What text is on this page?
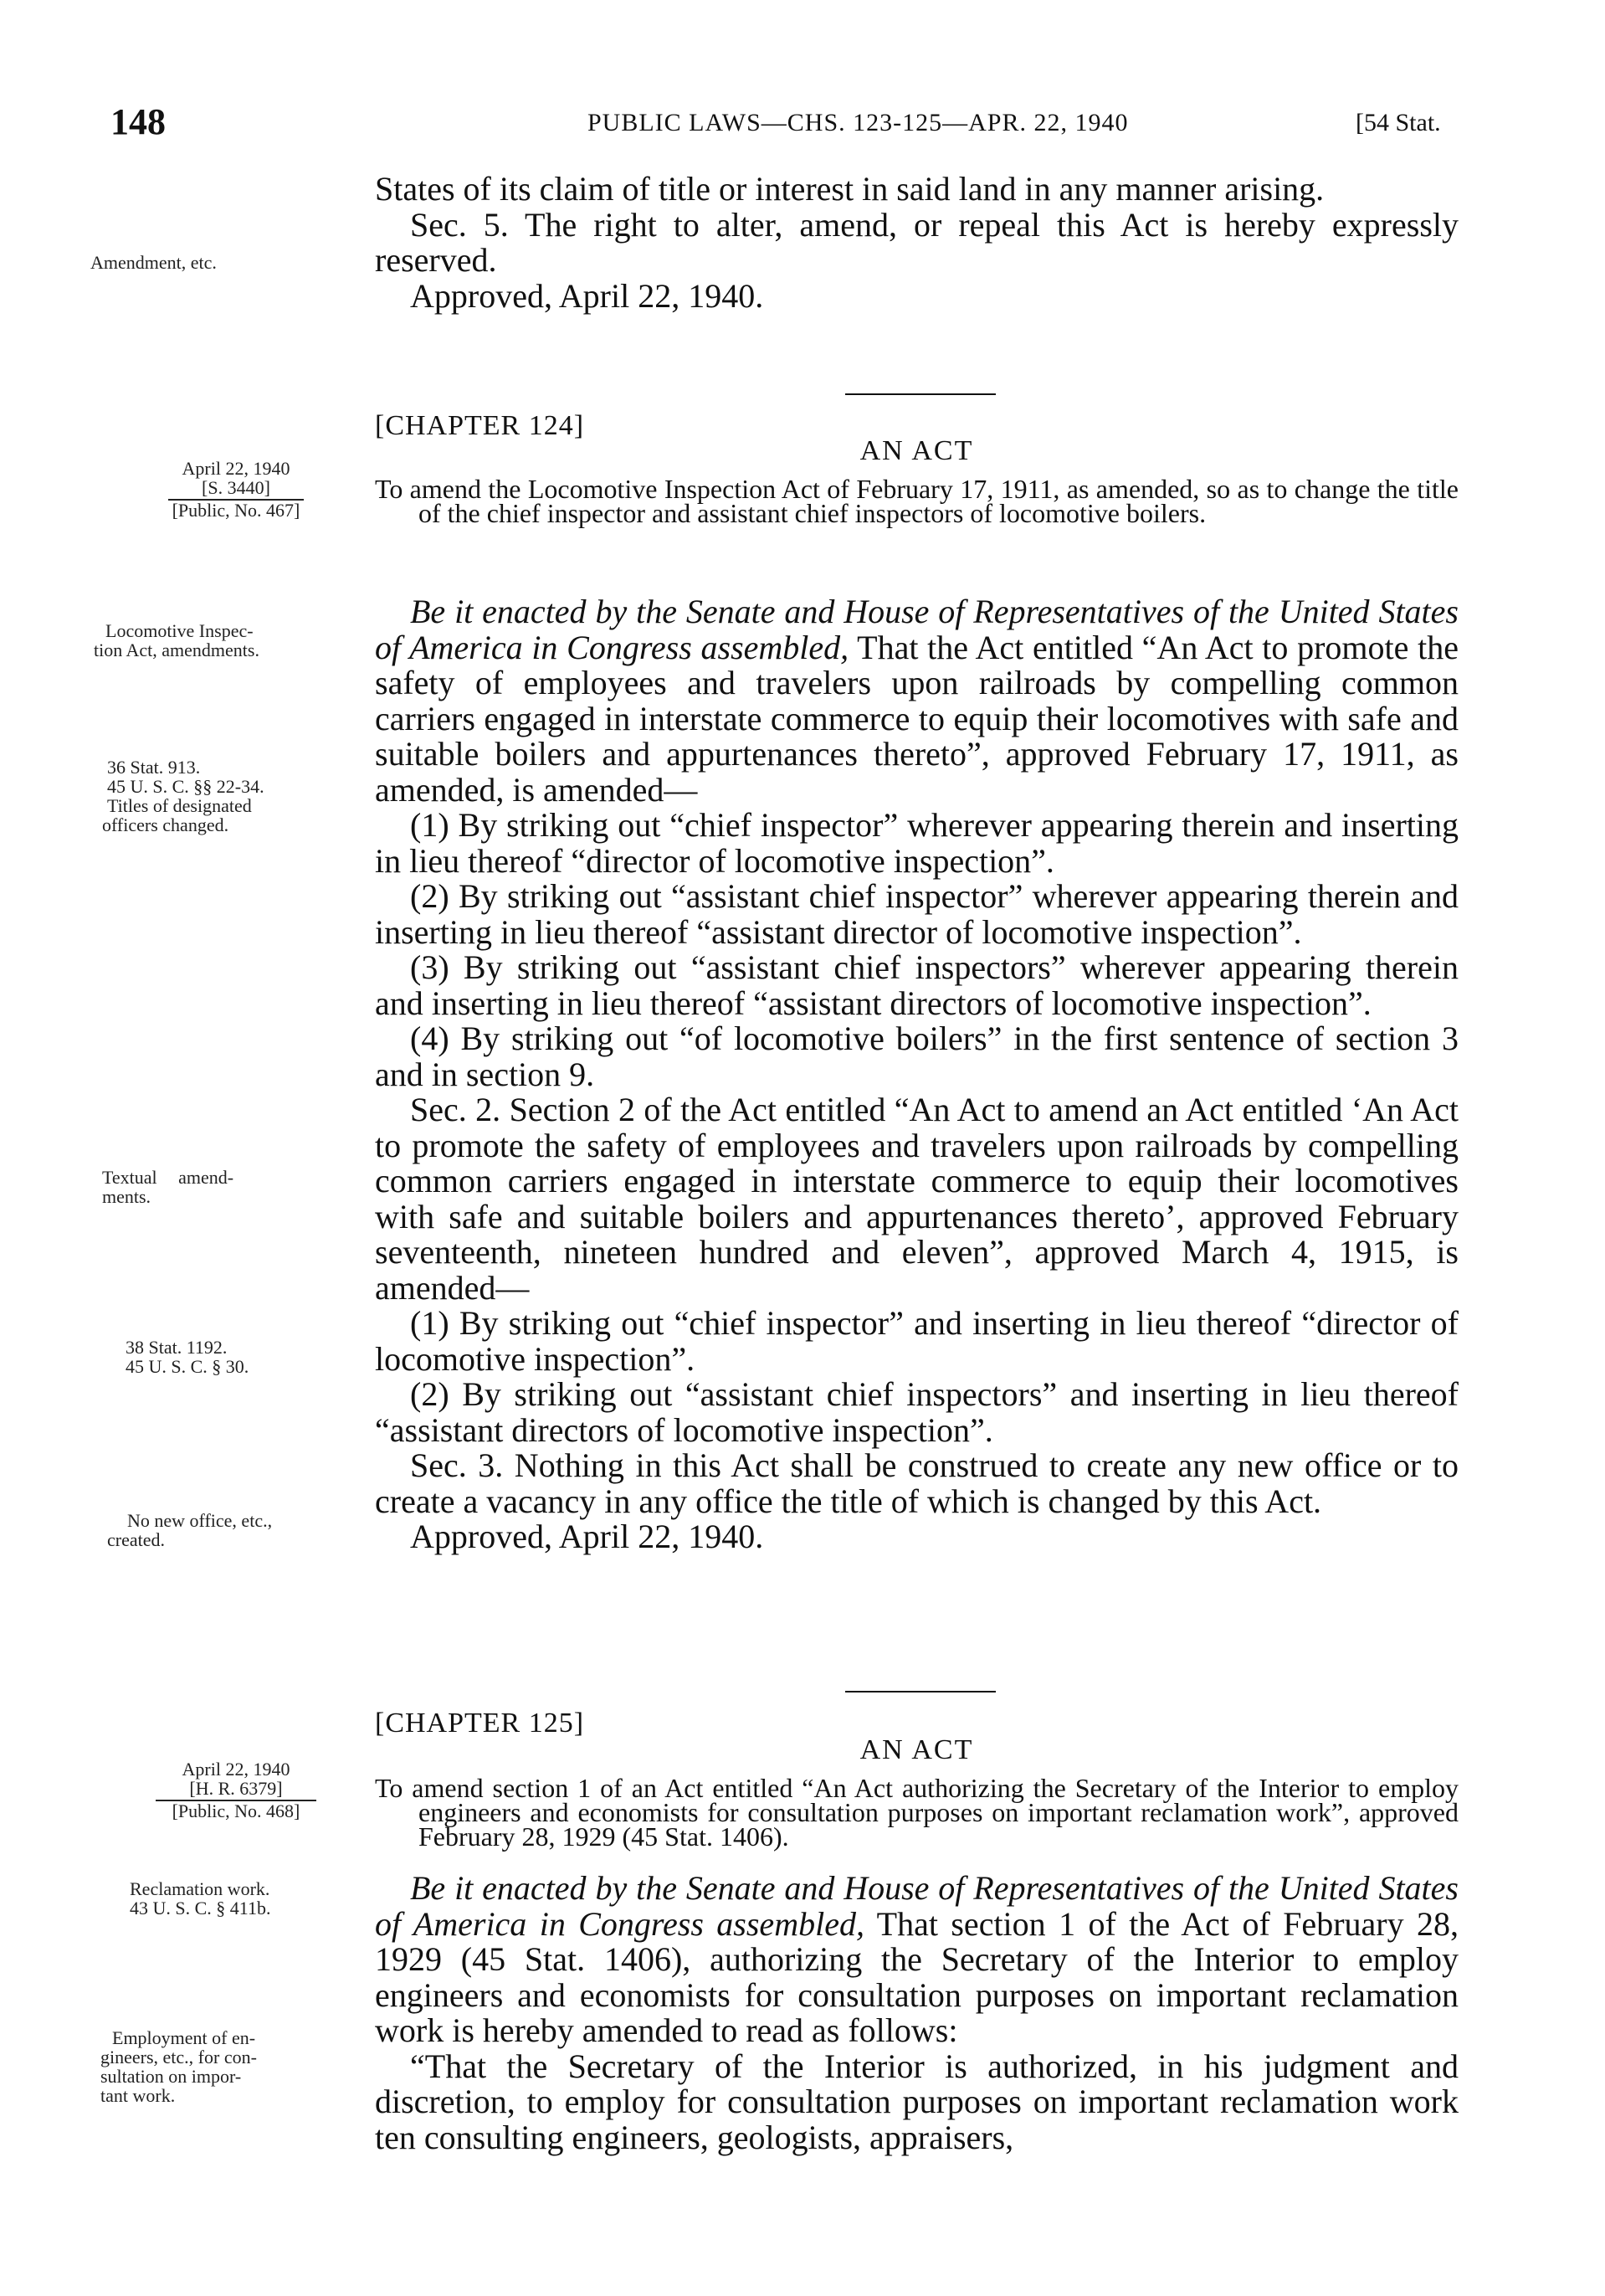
148	PUBLIC LAWS—CHS. 123-125—APR. 22, 1940	[54 Stat.

States of its claim of title or interest in said land in any manner arising.

Sec. 5. The right to alter, amend, or repeal this Act is hereby expressly reserved.

Approved, April 22, 1940.

[CHAPTER 124]
AN ACT
To amend the Locomotive Inspection Act of February 17, 1911, as amended, so as to change the title of the chief inspector and assistant chief inspectors of locomotive boilers.

Be it enacted by the Senate and House of Representatives of the United States of America in Congress assembled, That the Act entitled “An Act to promote the safety of employees and travelers upon railroads by compelling common carriers engaged in interstate commerce to equip their locomotives with safe and suitable boilers and appurtenances thereto”, approved February 17, 1911, as amended, is amended—

(1) By striking out “chief inspector” wherever appearing therein and inserting in lieu thereof “director of locomotive inspection”.

(2) By striking out “assistant chief inspector” wherever appearing therein and inserting in lieu thereof “assistant director of locomotive inspection”.

(3) By striking out “assistant chief inspectors” wherever appearing therein and inserting in lieu thereof “assistant directors of locomotive inspection”.

(4) By striking out “of locomotive boilers” in the first sentence of section 3 and in section 9.

Sec. 2. Section 2 of the Act entitled “An Act to amend an Act entitled ‘An Act to promote the safety of employees and travelers upon railroads by compelling common carriers engaged in interstate commerce to equip their locomotives with safe and suitable boilers and appurtenances thereto’, approved February seventeenth, nineteen hundred and eleven”, approved March 4, 1915, is amended—

(1) By striking out “chief inspector” and inserting in lieu thereof “director of locomotive inspection”.

(2) By striking out “assistant chief inspectors” and inserting in lieu thereof “assistant directors of locomotive inspection”.

Sec. 3. Nothing in this Act shall be construed to create any new office or to create a vacancy in any office the title of which is changed by this Act.

Approved, April 22, 1940.

[CHAPTER 125]
AN ACT
To amend section 1 of an Act entitled “An Act authorizing the Secretary of the Interior to employ engineers and economists for consultation purposes on important reclamation work”, approved February 28, 1929 (45 Stat. 1406).

Be it enacted by the Senate and House of Representatives of the United States of America in Congress assembled, That section 1 of the Act of February 28, 1929 (45 Stat. 1406), authorizing the Secretary of the Interior to employ engineers and economists for consultation purposes on important reclamation work is hereby amended to read as follows:

“That the Secretary of the Interior is authorized, in his judgment and discretion, to employ for consultation purposes on important reclamation work ten consulting engineers, geologists, appraisers,

Amendment, etc.
April 22, 1940
[S. 3440]
[Public, No. 467]
Locomotive Inspec-
tion Act, amendments.
36 Stat. 913.
45 U. S. C. §§ 22-34.
Titles of designated
officers changed.
Textual amend-
ments.
38 Stat. 1192.
45 U. S. C. § 30.
No new office, etc.,
created.
April 22, 1940
[H. R. 6379]
[Public, No. 468]
Reclamation work.
43 U. S. C. § 411b.
Employment of en-
gineers, etc., for con-
sultation on impor-
tant work.
